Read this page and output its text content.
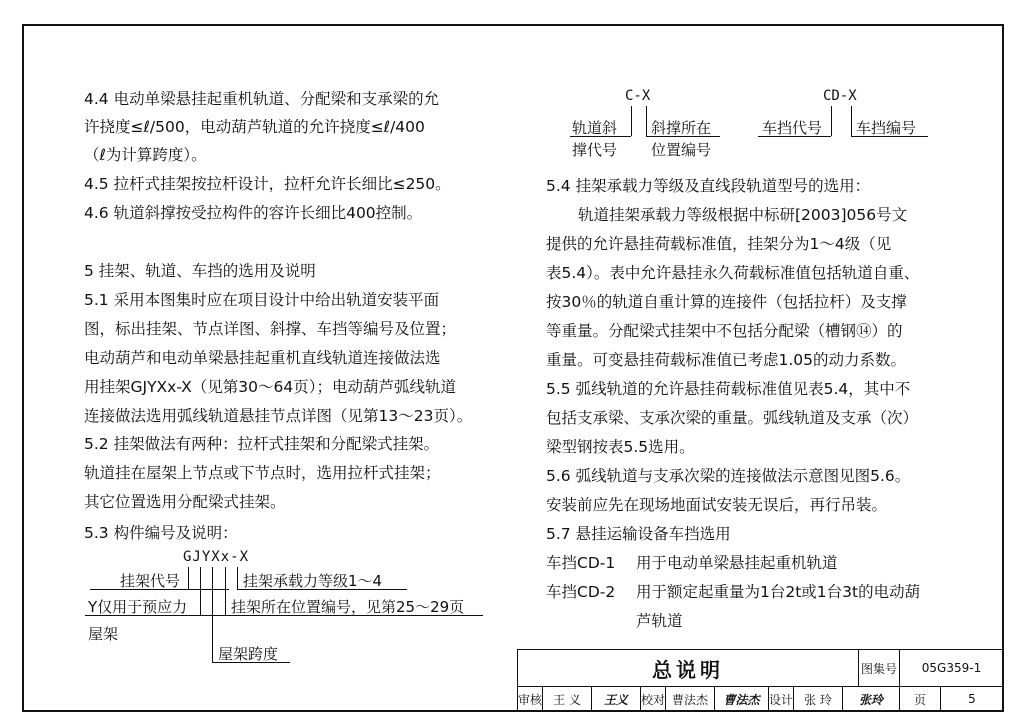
4.4 电动单梁悬挂起重机轨道、分配梁和支承梁的允
许挠度≤ℓ/500，电动葫芦轨道的允许挠度≤ℓ/400
（ℓ为计算跨度）。
4.5 拉杆式挂架按拉杆设计，拉杆允许长细比≤250。
4.6 轨道斜撑按受拉构件的容许长细比400控制。
5 挂架、轨道、车挡的选用及说明
5.1 采用本图集时应在项目设计中给出轨道安装平面
图，标出挂架、节点详图、斜撑、车挡等编号及位置；
电动葫芦和电动单梁悬挂起重机直线轨道连接做法选
用挂架GJYXx-X（见第30～64页）；电动葫芦弧线轨道
连接做法选用弧线轨道悬挂节点详图（见第13～23页）。
5.2 挂架做法有两种：拉杆式挂架和分配梁式挂架。
轨道挂在屋架上节点或下节点时，选用拉杆式挂架；
其它位置选用分配梁式挂架。
5.3 构件编号及说明：
GJYXx-X
挂架代号
Y仅用于预应力
屋架
挂架承载力等级1～4
挂架所在位置编号，见第25～29页
屋架跨度
C-X
轨道斜
撑代号
斜撑所在
位置编号
CD-X
车挡代号 车挡编号
5.4 挂架承载力等级及直线段轨道型号的选用：
轨道挂架承载力等级根据中标研[2003]056号文
提供的允许悬挂荷载标准值，挂架分为1～4级（见
表5.4）。表中允许悬挂永久荷载标准值包括轨道自重、
按30％的轨道自重计算的连接件（包括拉杆）及支撑
等重量。分配梁式挂架中不包括分配梁（槽钢⑭）的
重量。可变悬挂荷载标准值已考虑1.05的动力系数。
5.5 弧线轨道的允许悬挂荷载标准值见表5.4，其中不
包括支承梁、支承次梁的重量。弧线轨道及支承（次）
梁型钢按表5.5选用。
5.6 弧线轨道与支承次梁的连接做法示意图见图5.6。
安装前应先在现场地面试安装无误后，再行吊装。
5.7 悬挂运输设备车挡选用
车挡CD-1 用于电动单梁悬挂起重机轨道
车挡CD-2 用于额定起重量为1台2t或1台3t的电动葫
芦轨道
总说明	图集号	05G359-1
审核 王 义	王义	校对 曹法杰	曹法杰 设计 张 玲	张玲	页	5
